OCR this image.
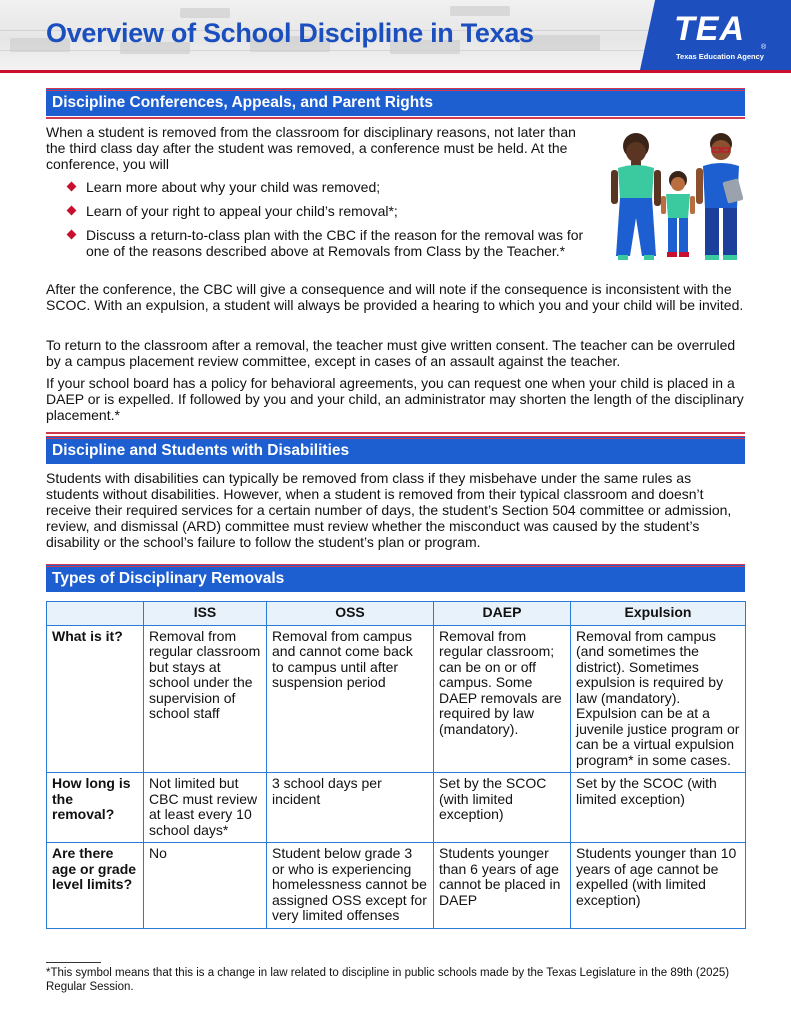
Overview of School Discipline in Texas	TEA ®
Texas Education Agency
Discipline Conferences, Appeals, and Parent Rights

When a student is removed from the classroom for disciplinary reasons, not later than the third class day after the student was removed, a conference must be held. At the conference, you will

Learn more about why your child was removed;
Learn of your right to appeal your child’s removal*;
Discuss a return-to-class plan with the CBC if the reason for the removal was for one of the reasons described above at Removals from Class by the Teacher.*

After the conference, the CBC will give a consequence and will note if the consequence is inconsistent with the SCOC. With an expulsion, a student will always be provided a hearing to which you and your child will be invited.

To return to the classroom after a removal, the teacher must give written consent. The teacher can be overruled by a campus placement review committee, except in cases of an assault against the teacher.

If your school board has a policy for behavioral agreements, you can request one when your child is placed in a DAEP or is expelled. If followed by you and your child, an administrator may shorten the length of the disciplinary placement.*

Discipline and Students with Disabilities

Students with disabilities can typically be removed from class if they misbehave under the same rules as students without disabilities. However, when a student is removed from their typical classroom and doesn’t receive their required services for a certain number of days, the student’s Section 504 committee or admission, review, and dismissal (ARD) committee must review whether the misconduct was caused by the student’s disability or the school’s failure to follow the student’s plan or program.

Types of Disciplinary Removals
	ISS	OSS	DAEP	Expulsion
What is it?	Removal from regular classroom but stays at school under the supervision of school staff	Removal from campus and cannot come back to campus until after suspension period	Removal from regular classroom; can be on or off campus. Some DAEP removals are required by law (mandatory).	Removal from campus (and sometimes the district). Sometimes expulsion is required by law (mandatory). Expulsion can be at a juvenile justice program or can be a virtual expulsion program* in some cases.
How long is the removal?	Not limited but CBC must review at least every 10 school days*	3 school days per incident	Set by the SCOC (with limited exception)	Set by the SCOC (with limited exception)
Are there age or grade level limits?	No	Student below grade 3 or who is experiencing homelessness cannot be assigned OSS except for very limited offenses	Students younger than 6 years of age cannot be placed in DAEP	Students younger than 10 years of age cannot be expelled (with limited exception)

*This symbol means that this is a change in law related to discipline in public schools made by the Texas Legislature in the 89th (2025) Regular Session.
